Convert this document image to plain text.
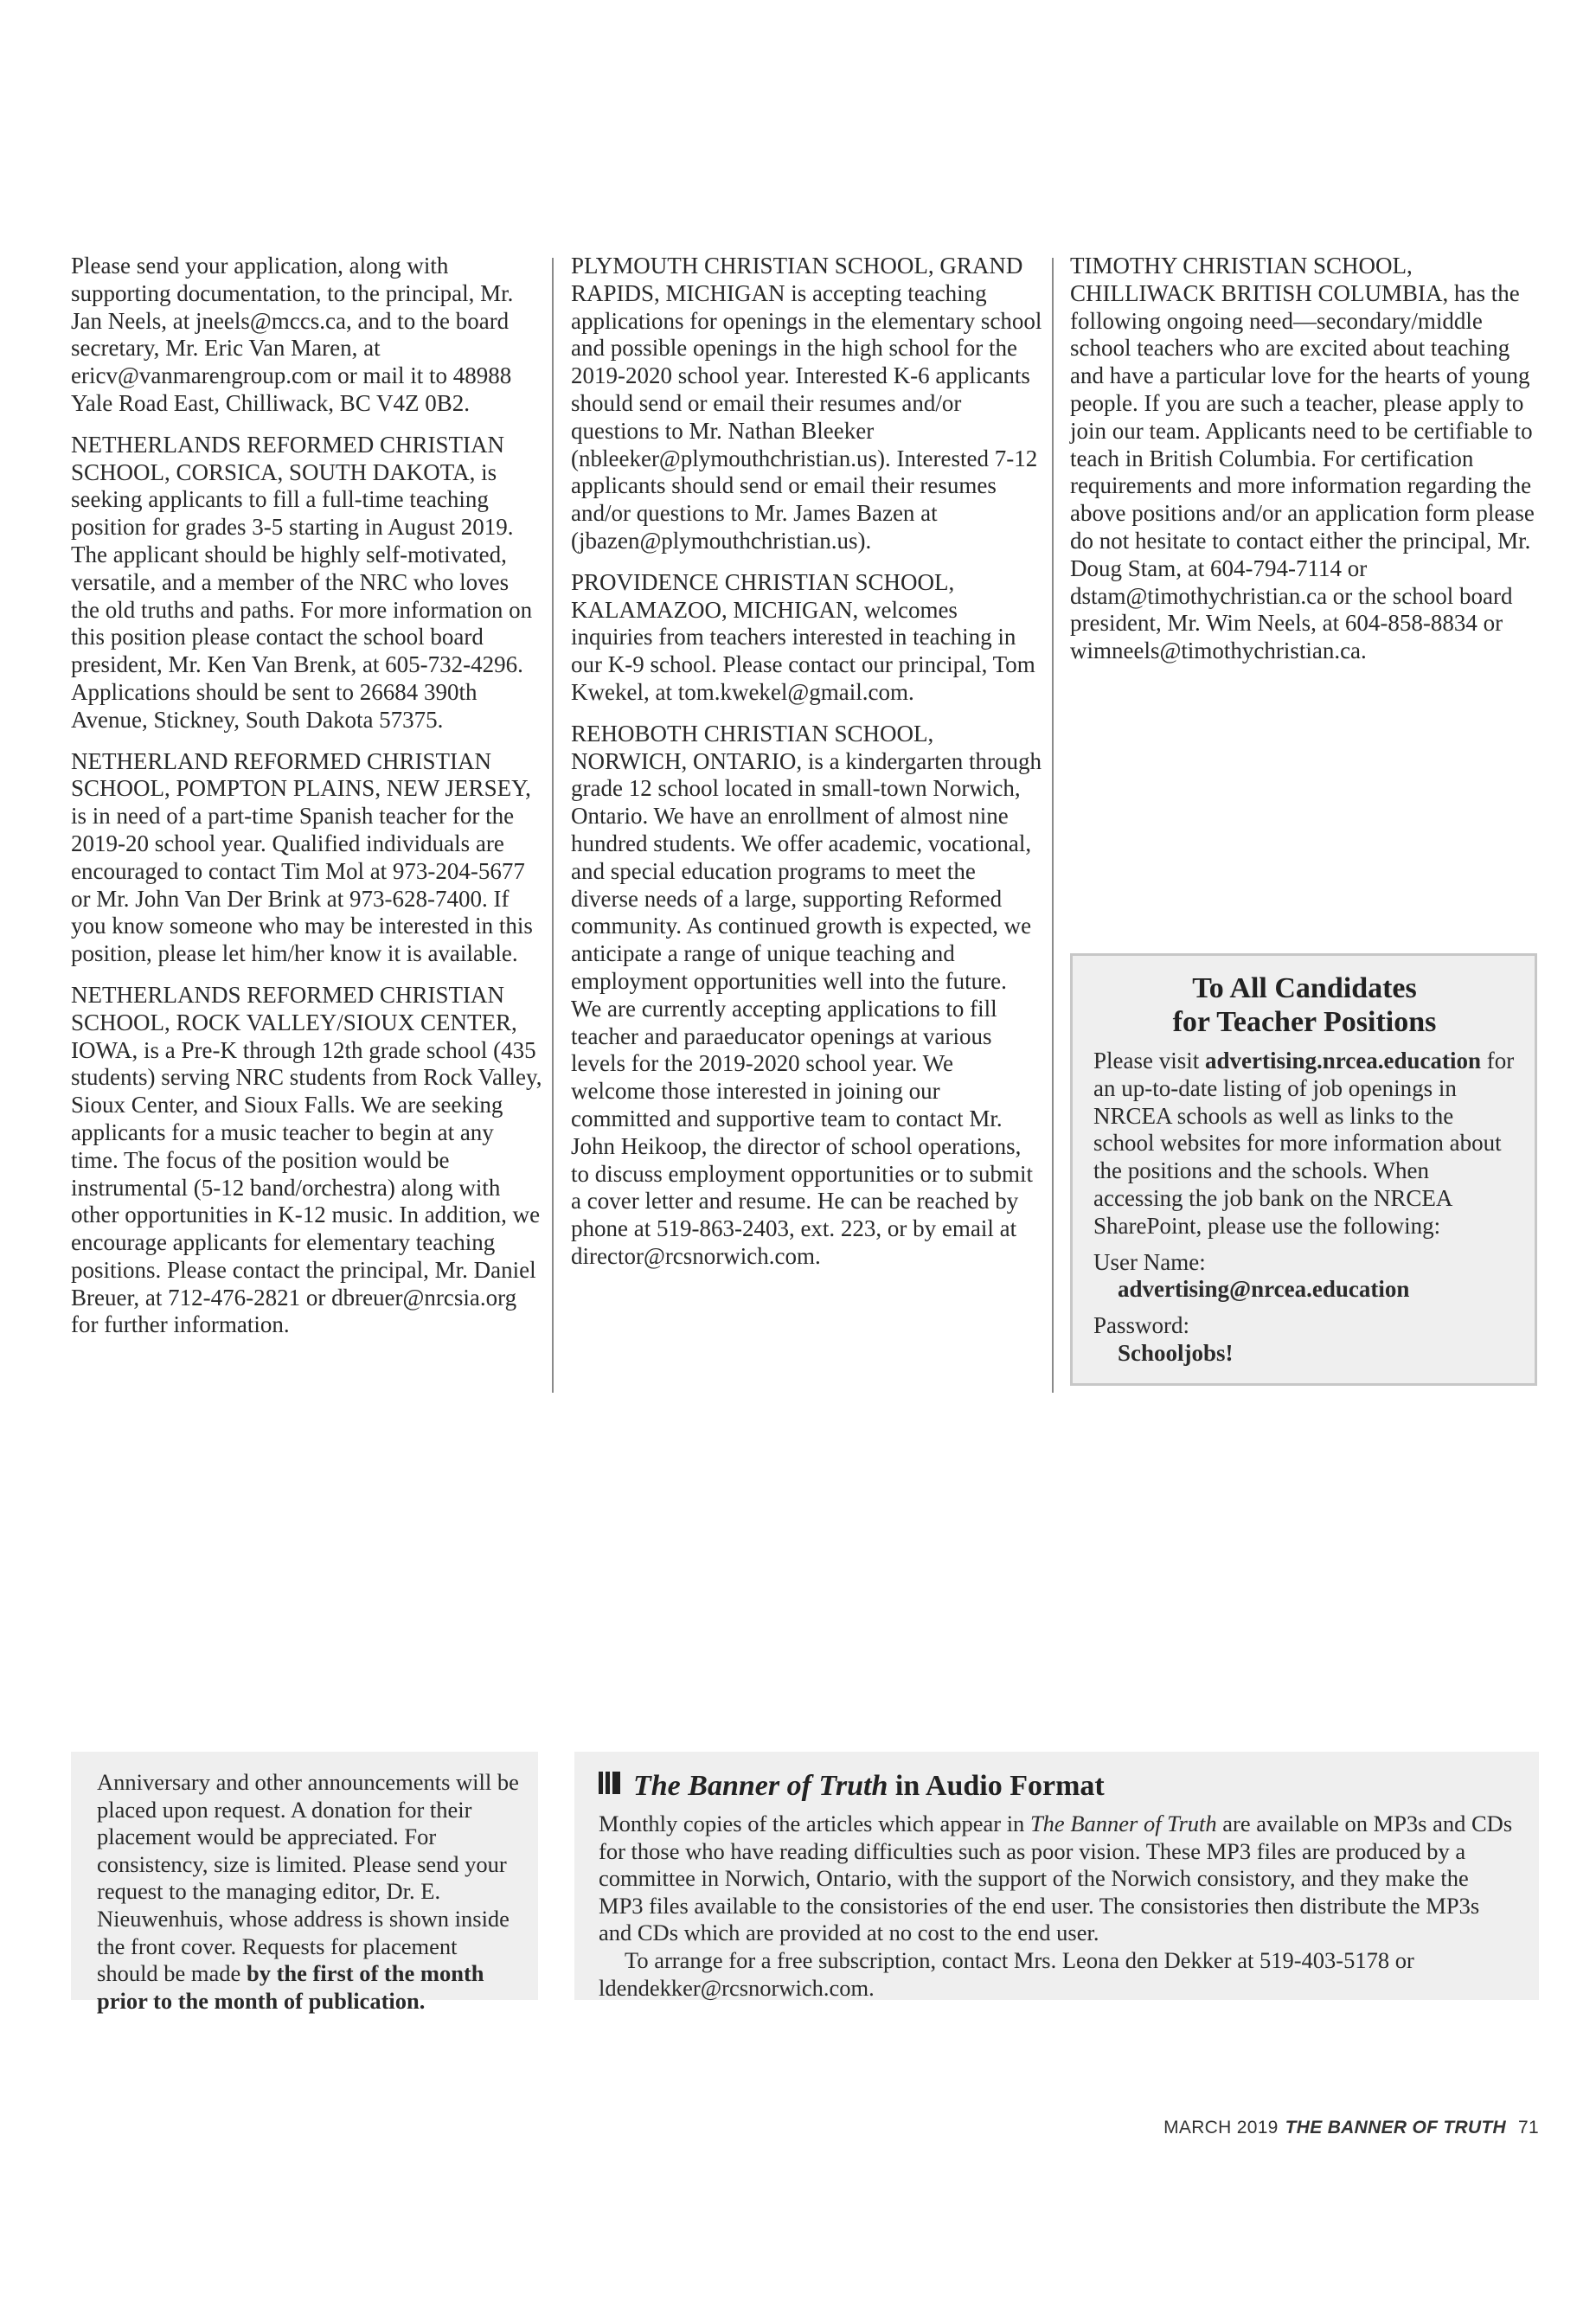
Please send your application, along with supporting documentation, to the principal, Mr. Jan Neels, at jneels@mccs.ca, and to the board secretary, Mr. Eric Van Maren, at ericv@vanmarengroup.com or mail it to 48988 Yale Road East, Chilliwack, BC V4Z 0B2.

NETHERLANDS REFORMED CHRISTIAN SCHOOL, CORSICA, SOUTH DAKOTA, is seeking applicants to fill a full-time teaching position for grades 3-5 starting in August 2019. The applicant should be highly self-motivated, versatile, and a member of the NRC who loves the old truths and paths. For more information on this position please contact the school board president, Mr. Ken Van Brenk, at 605-732-4296. Applications should be sent to 26684 390th Avenue, Stickney, South Dakota 57375.

NETHERLAND REFORMED CHRISTIAN SCHOOL, POMPTON PLAINS, NEW JERSEY, is in need of a part-time Spanish teacher for the 2019-20 school year. Qualified individuals are encouraged to contact Tim Mol at 973-204-5677 or Mr. John Van Der Brink at 973-628-7400. If you know someone who may be interested in this position, please let him/her know it is available.

NETHERLANDS REFORMED CHRISTIAN SCHOOL, ROCK VALLEY/SIOUX CENTER, IOWA, is a Pre-K through 12th grade school (435 students) serving NRC students from Rock Valley, Sioux Center, and Sioux Falls. We are seeking applicants for a music teacher to begin at any time. The focus of the position would be instrumental (5-12 band/orchestra) along with other opportunities in K-12 music. In addition, we encourage applicants for elementary teaching positions. Please contact the principal, Mr. Daniel Breuer, at 712-476-2821 or dbreuer@nrcsia.org for further information.

PLYMOUTH CHRISTIAN SCHOOL, GRAND RAPIDS, MICHIGAN is accepting teaching applications for openings in the elementary school and possible openings in the high school for the 2019-2020 school year. Interested K-6 applicants should send or email their resumes and/or questions to Mr. Nathan Bleeker (nbleeker@plymouthchristian.us). Interested 7-12 applicants should send or email their resumes and/or questions to Mr. James Bazen at (jbazen@plymouthchristian.us).

PROVIDENCE CHRISTIAN SCHOOL, KALAMAZOO, MICHIGAN, welcomes inquiries from teachers interested in teaching in our K-9 school. Please contact our principal, Tom Kwekel, at tom.kwekel@gmail.com.

REHOBOTH CHRISTIAN SCHOOL, NORWICH, ONTARIO, is a kindergarten through grade 12 school located in small-town Norwich, Ontario. We have an enrollment of almost nine hundred students. We offer academic, vocational, and special education programs to meet the diverse needs of a large, supporting Reformed community. As continued growth is expected, we anticipate a range of unique teaching and employment opportunities well into the future. We are currently accepting applications to fill teacher and paraeducator openings at various levels for the 2019-2020 school year. We welcome those interested in joining our committed and supportive team to contact Mr. John Heikoop, the director of school operations, to discuss employment opportunities or to submit a cover letter and resume. He can be reached by phone at 519-863-2403, ext. 223, or by email at director@rcsnorwich.com.

TIMOTHY CHRISTIAN SCHOOL, CHILLIWACK BRITISH COLUMBIA, has the following ongoing need—secondary/middle school teachers who are excited about teaching and have a particular love for the hearts of young people. If you are such a teacher, please apply to join our team. Applicants need to be certifiable to teach in British Columbia. For certification requirements and more information regarding the above positions and/or an application form please do not hesitate to contact either the principal, Mr. Doug Stam, at 604-794-7114 or dstam@timothychristian.ca or the school board president, Mr. Wim Neels, at 604-858-8834 or wimneels@timothychristian.ca.

To All Candidates
for Teacher Positions

Please visit advertising.nrcea.education for an up-to-date listing of job openings in NRCEA schools as well as links to the school websites for more information about the positions and the schools. When accessing the job bank on the NRCEA SharePoint, please use the following:

User Name:
advertising@nrcea.education
Password:
Schooljobs!

Anniversary and other announcements will be placed upon request. A donation for their placement would be appreciated. For consistency, size is limited. Please send your request to the managing editor, Dr. E. Nieuwenhuis, whose address is shown inside the front cover. Requests for placement should be made by the first of the month prior to the month of publication.

The Banner of Truth in Audio Format

Monthly copies of the articles which appear in The Banner of Truth are available on MP3s and CDs for those who have reading difficulties such as poor vision. These MP3 files are produced by a committee in Norwich, Ontario, with the support of the Norwich consistory, and they make the MP3 files available to the consistories of the end user. The consistories then distribute the MP3s and CDs which are provided at no cost to the end user.

To arrange for a free subscription, contact Mrs. Leona den Dekker at 519-403-5178 or ldendekker@rcsnorwich.com.

MARCH 2019 THE BANNER OF TRUTH 71
